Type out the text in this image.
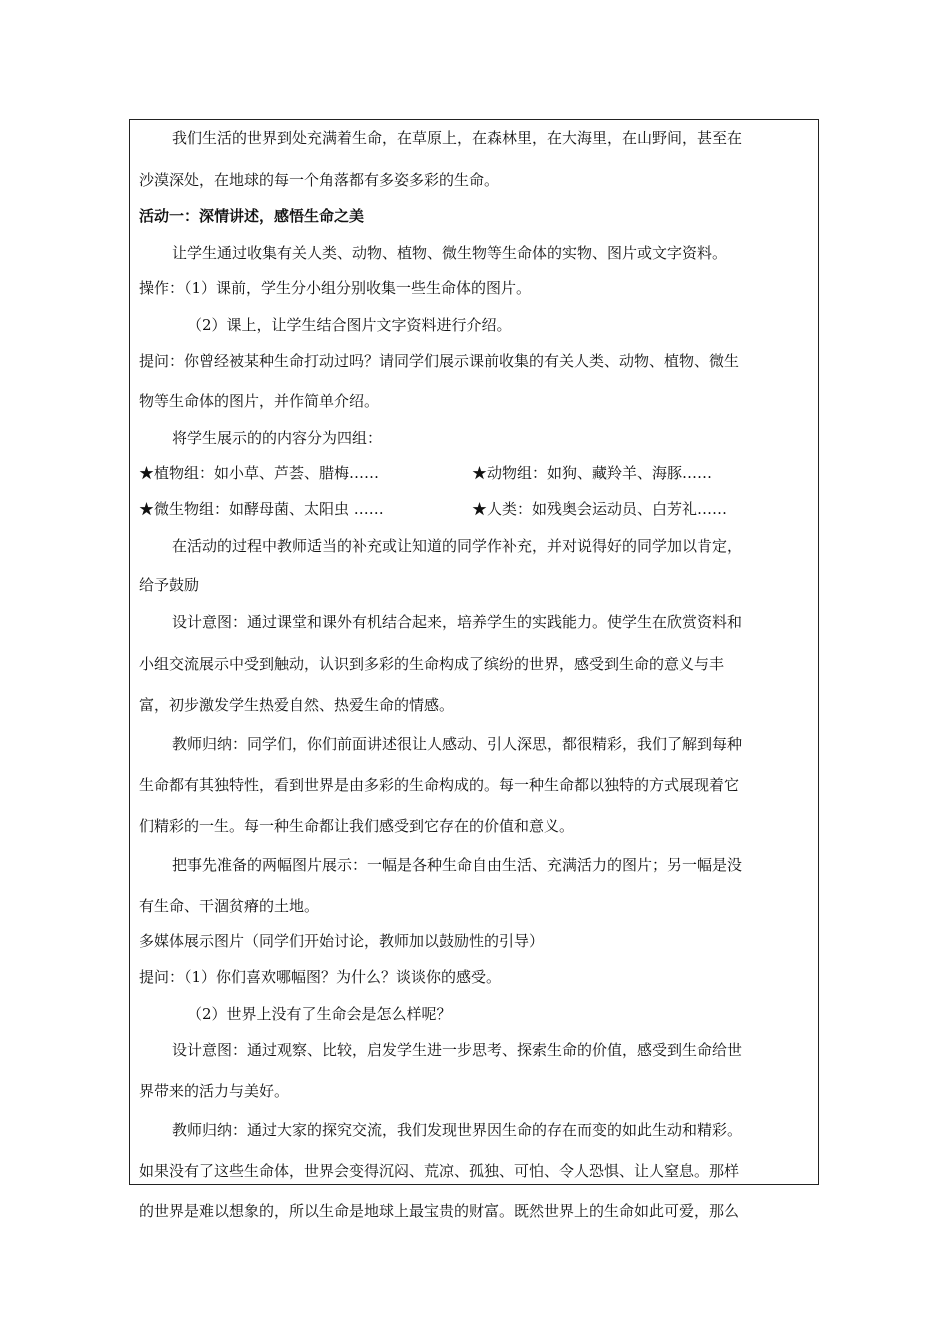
我们生活的世界到处充满着生命，在草原上，在森林里，在大海里，在山野间，甚至在
沙漠深处，在地球的每一个角落都有多姿多彩的生命。
活动一：深情讲述，感悟生命之美
让学生通过收集有关人类、动物、植物、微生物等生命体的实物、图片或文字资料。
操作：（1）课前，学生分小组分别收集一些生命体的图片。
（2）课上，让学生结合图片文字资料进行介绍。
提问：你曾经被某种生命打动过吗？请同学们展示课前收集的有关人类、动物、植物、微生
物等生命体的图片，并作简单介绍。
将学生展示的的内容分为四组：
★植物组：如小草、芦荟、腊梅……	★动物组：如狗、藏羚羊、海豚……
★微生物组：如酵母菌、太阳虫 ……	★人类：如残奥会运动员、白芳礼……
在活动的过程中教师适当的补充或让知道的同学作补充，并对说得好的同学加以肯定，
给予鼓励
设计意图：通过课堂和课外有机结合起来，培养学生的实践能力。使学生在欣赏资料和
小组交流展示中受到触动，认识到多彩的生命构成了缤纷的世界，感受到生命的意义与丰
富，初步激发学生热爱自然、热爱生命的情感。
教师归纳：同学们，你们前面讲述很让人感动、引人深思，都很精彩，我们了解到每种
生命都有其独特性，看到世界是由多彩的生命构成的。每一种生命都以独特的方式展现着它
们精彩的一生。每一种生命都让我们感受到它存在的价值和意义。
把事先准备的两幅图片展示：一幅是各种生命自由生活、充满活力的图片；另一幅是没
有生命、干涸贫瘠的土地。
多媒体展示图片（同学们开始讨论，教师加以鼓励性的引导）
提问：（1）你们喜欢哪幅图？为什么？谈谈你的感受。
（2）世界上没有了生命会是怎么样呢？
设计意图：通过观察、比较，启发学生进一步思考、探索生命的价值，感受到生命给世
界带来的活力与美好。
教师归纳：通过大家的探究交流，我们发现世界因生命的存在而变的如此生动和精彩。
如果没有了这些生命体，世界会变得沉闷、荒凉、孤独、可怕、令人恐惧、让人窒息。那样
的世界是难以想象的，所以生命是地球上最宝贵的财富。既然世界上的生命如此可爱，那么
